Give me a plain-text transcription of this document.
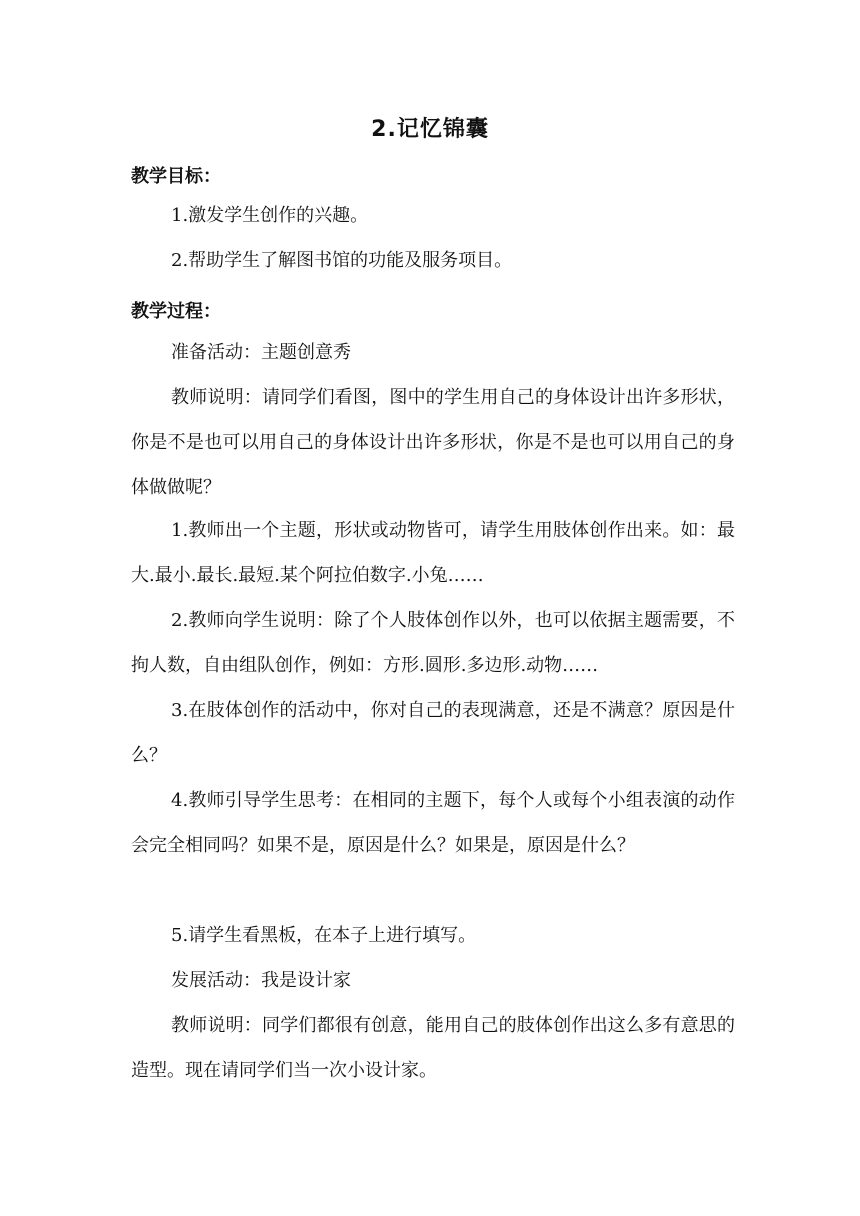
2.记忆锦囊
教学目标：

1.激发学生创作的兴趣。

2.帮助学生了解图书馆的功能及服务项目。

教学过程：

准备活动：主题创意秀

教师说明：请同学们看图，图中的学生用自己的身体设计出许多形状，你是不是也可以用自己的身体设计出许多形状，你是不是也可以用自己的身体做做呢？

1.教师出一个主题，形状或动物皆可，请学生用肢体创作出来。如：最大.最小.最长.最短.某个阿拉伯数字.小兔……

2.教师向学生说明：除了个人肢体创作以外，也可以依据主题需要，不拘人数，自由组队创作，例如：方形.圆形.多边形.动物……

3.在肢体创作的活动中，你对自己的表现满意，还是不满意？原因是什么？

4.教师引导学生思考：在相同的主题下，每个人或每个小组表演的动作会完全相同吗？如果不是，原因是什么？如果是，原因是什么？

5.请学生看黑板，在本子上进行填写。

发展活动：我是设计家

教师说明：同学们都很有创意，能用自己的肢体创作出这么多有意思的造型。现在请同学们当一次小设计家。
